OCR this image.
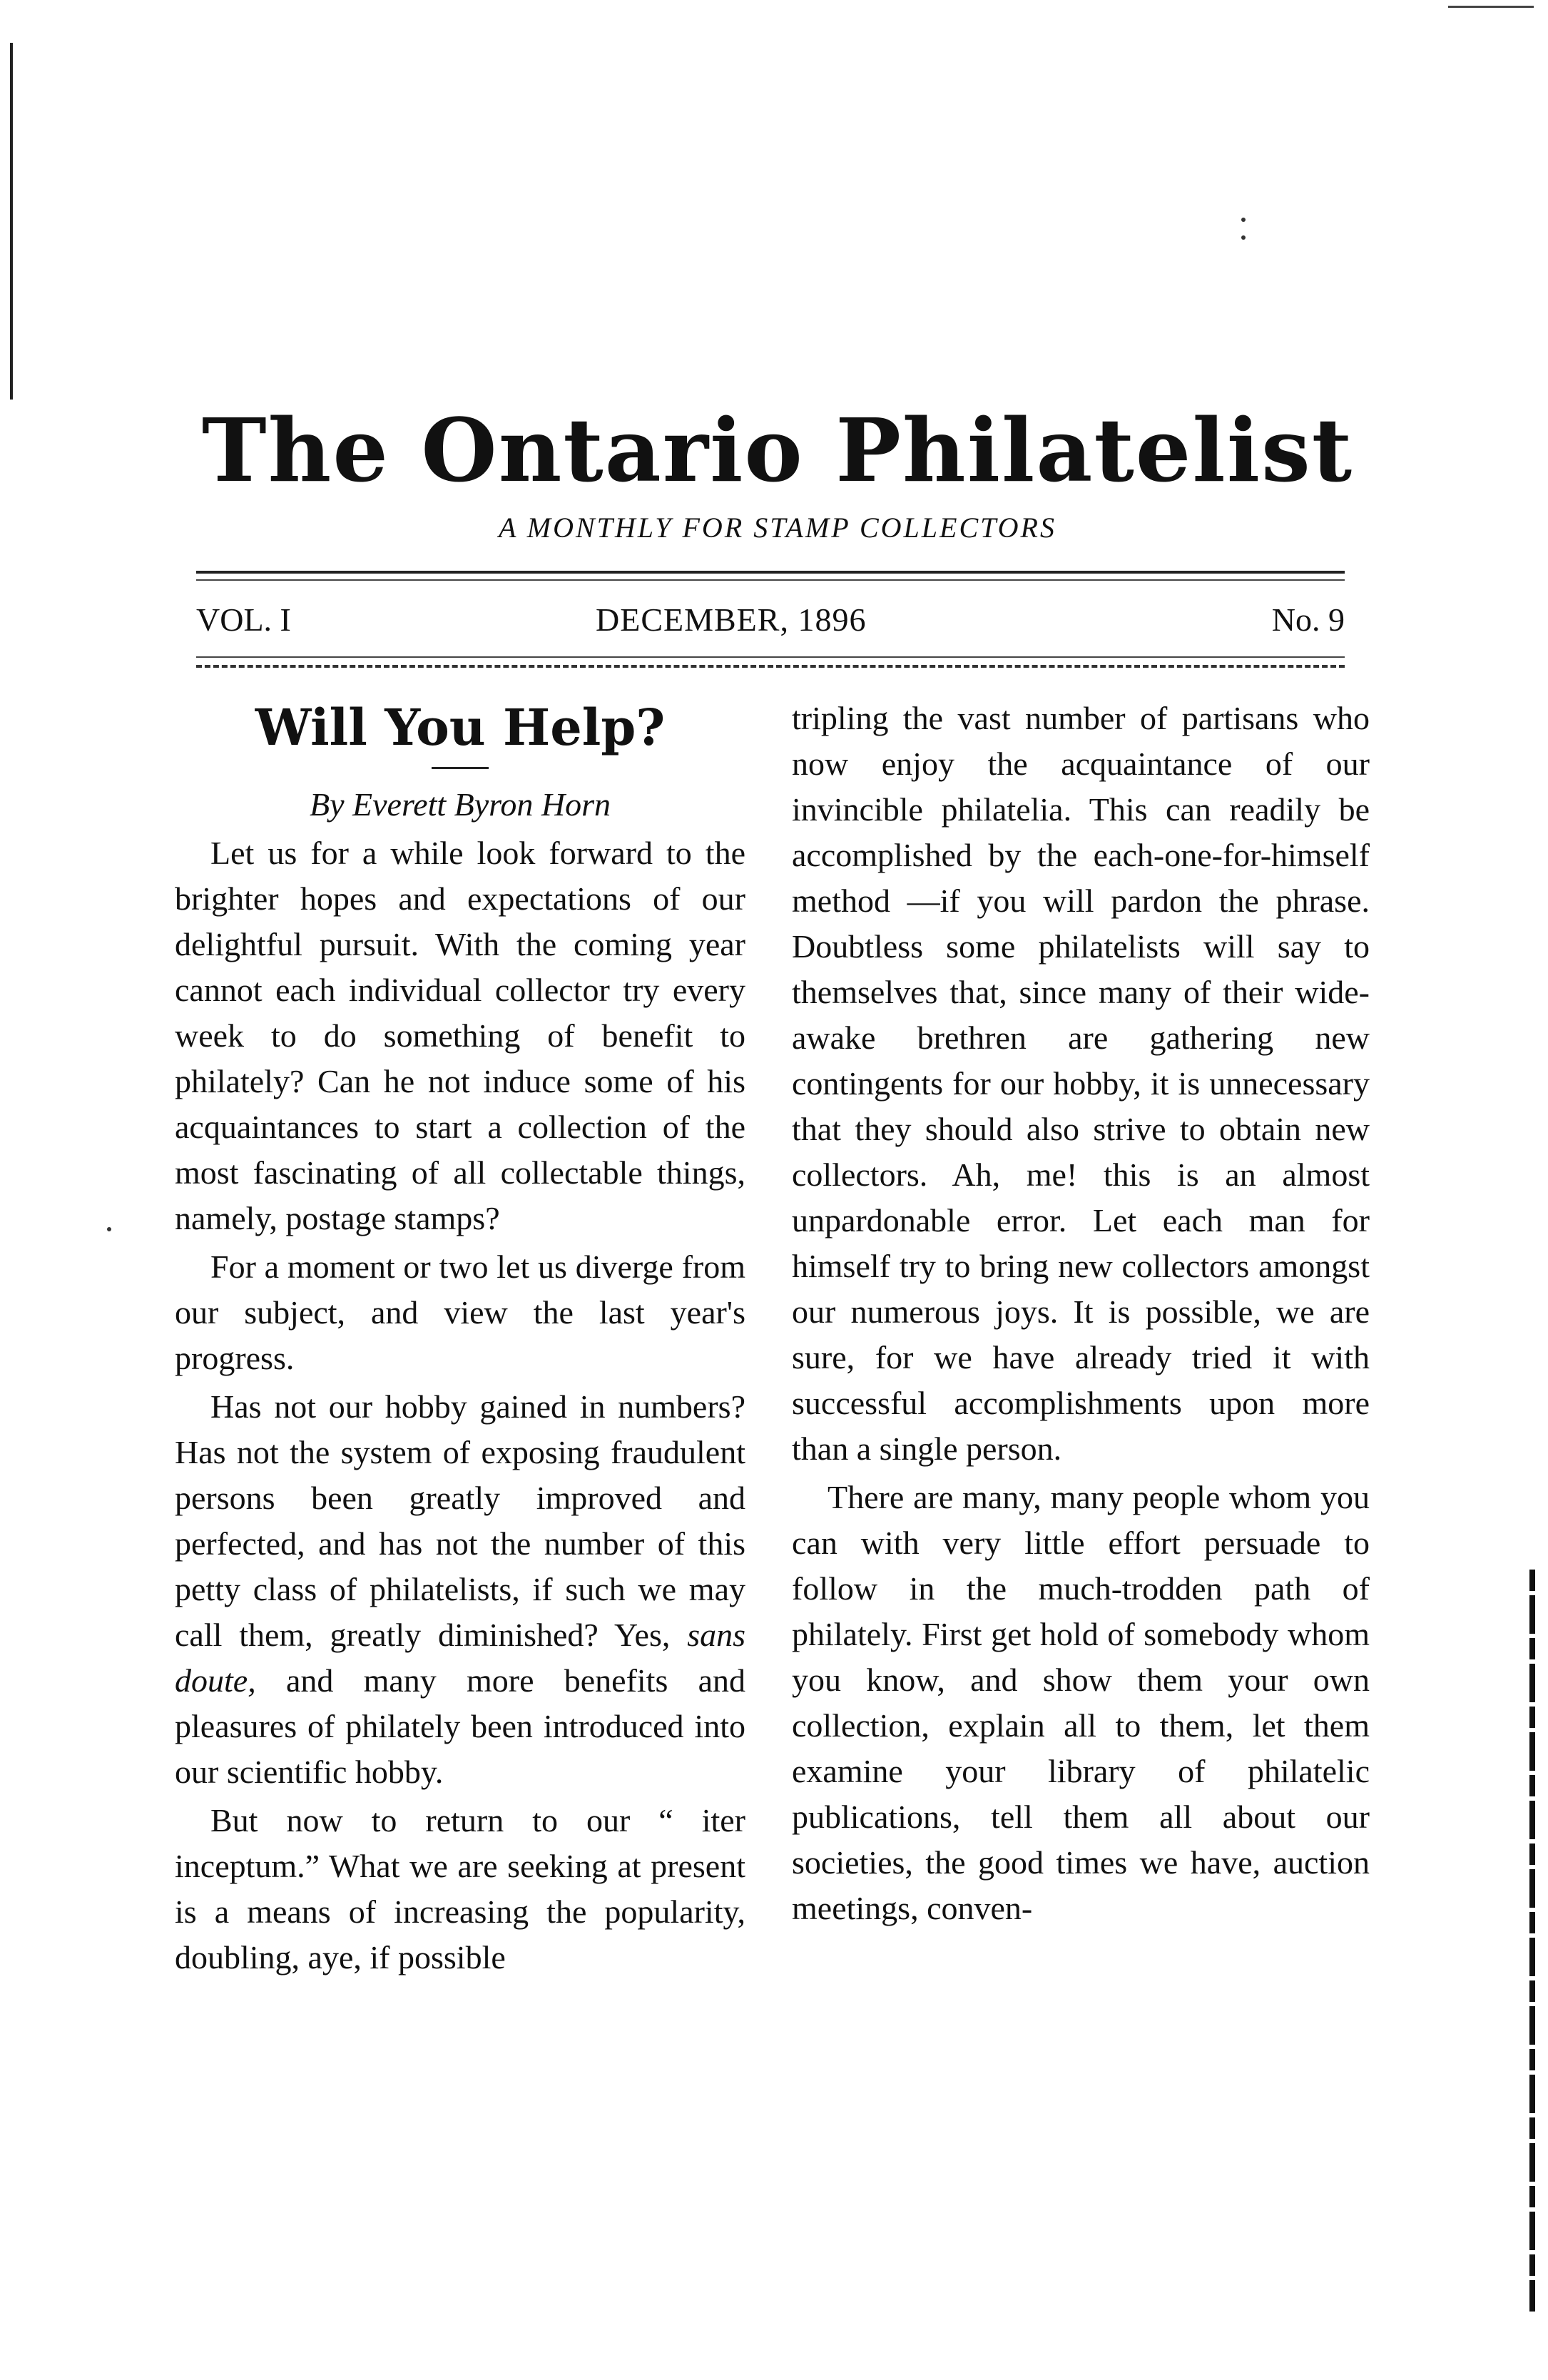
The Ontario Philatelist
A MONTHLY FOR STAMP COLLECTORS
VOL. I	DECEMBER, 1896	No. 9
Will You Help?

By Everett Byron Horn

Let us for a while look forward to the brighter hopes and expectations of our delightful pursuit. With the coming year cannot each individual collector try every week to do something of benefit to philately? Can he not induce some of his acquaintances to start a collection of the most fascinating of all collectable things, namely, postage stamps?

For a moment or two let us diverge from our subject, and view the last year's progress.

Has not our hobby gained in numbers? Has not the system of exposing fraudulent persons been greatly improved and perfected, and has not the number of this petty class of philatelists, if such we may call them, greatly diminished? Yes, sans doute, and many more benefits and pleasures of philately been introduced into our scientific hobby.

But now to return to our “ iter inceptum.” What we are seeking at present is a means of increasing the popularity, doubling, aye, if possible

tripling the vast number of partisans who now enjoy the acquaintance of our invincible philatelia. This can readily be accomplished by the each-one-for-himself method —if you will pardon the phrase. Doubtless some philatelists will say to themselves that, since many of their wide-awake brethren are gathering new contingents for our hobby, it is unnecessary that they should also strive to obtain new collectors. Ah, me! this is an almost unpardonable error. Let each man for himself try to bring new collectors amongst our numerous joys. It is possible, we are sure, for we have already tried it with successful accomplishments upon more than a single person.

There are many, many people whom you can with very little effort persuade to follow in the much-trodden path of philately. First get hold of somebody whom you know, and show them your own collection, explain all to them, let them examine your library of philatelic publications, tell them all about our societies, the good times we have, auction meetings, conven-
